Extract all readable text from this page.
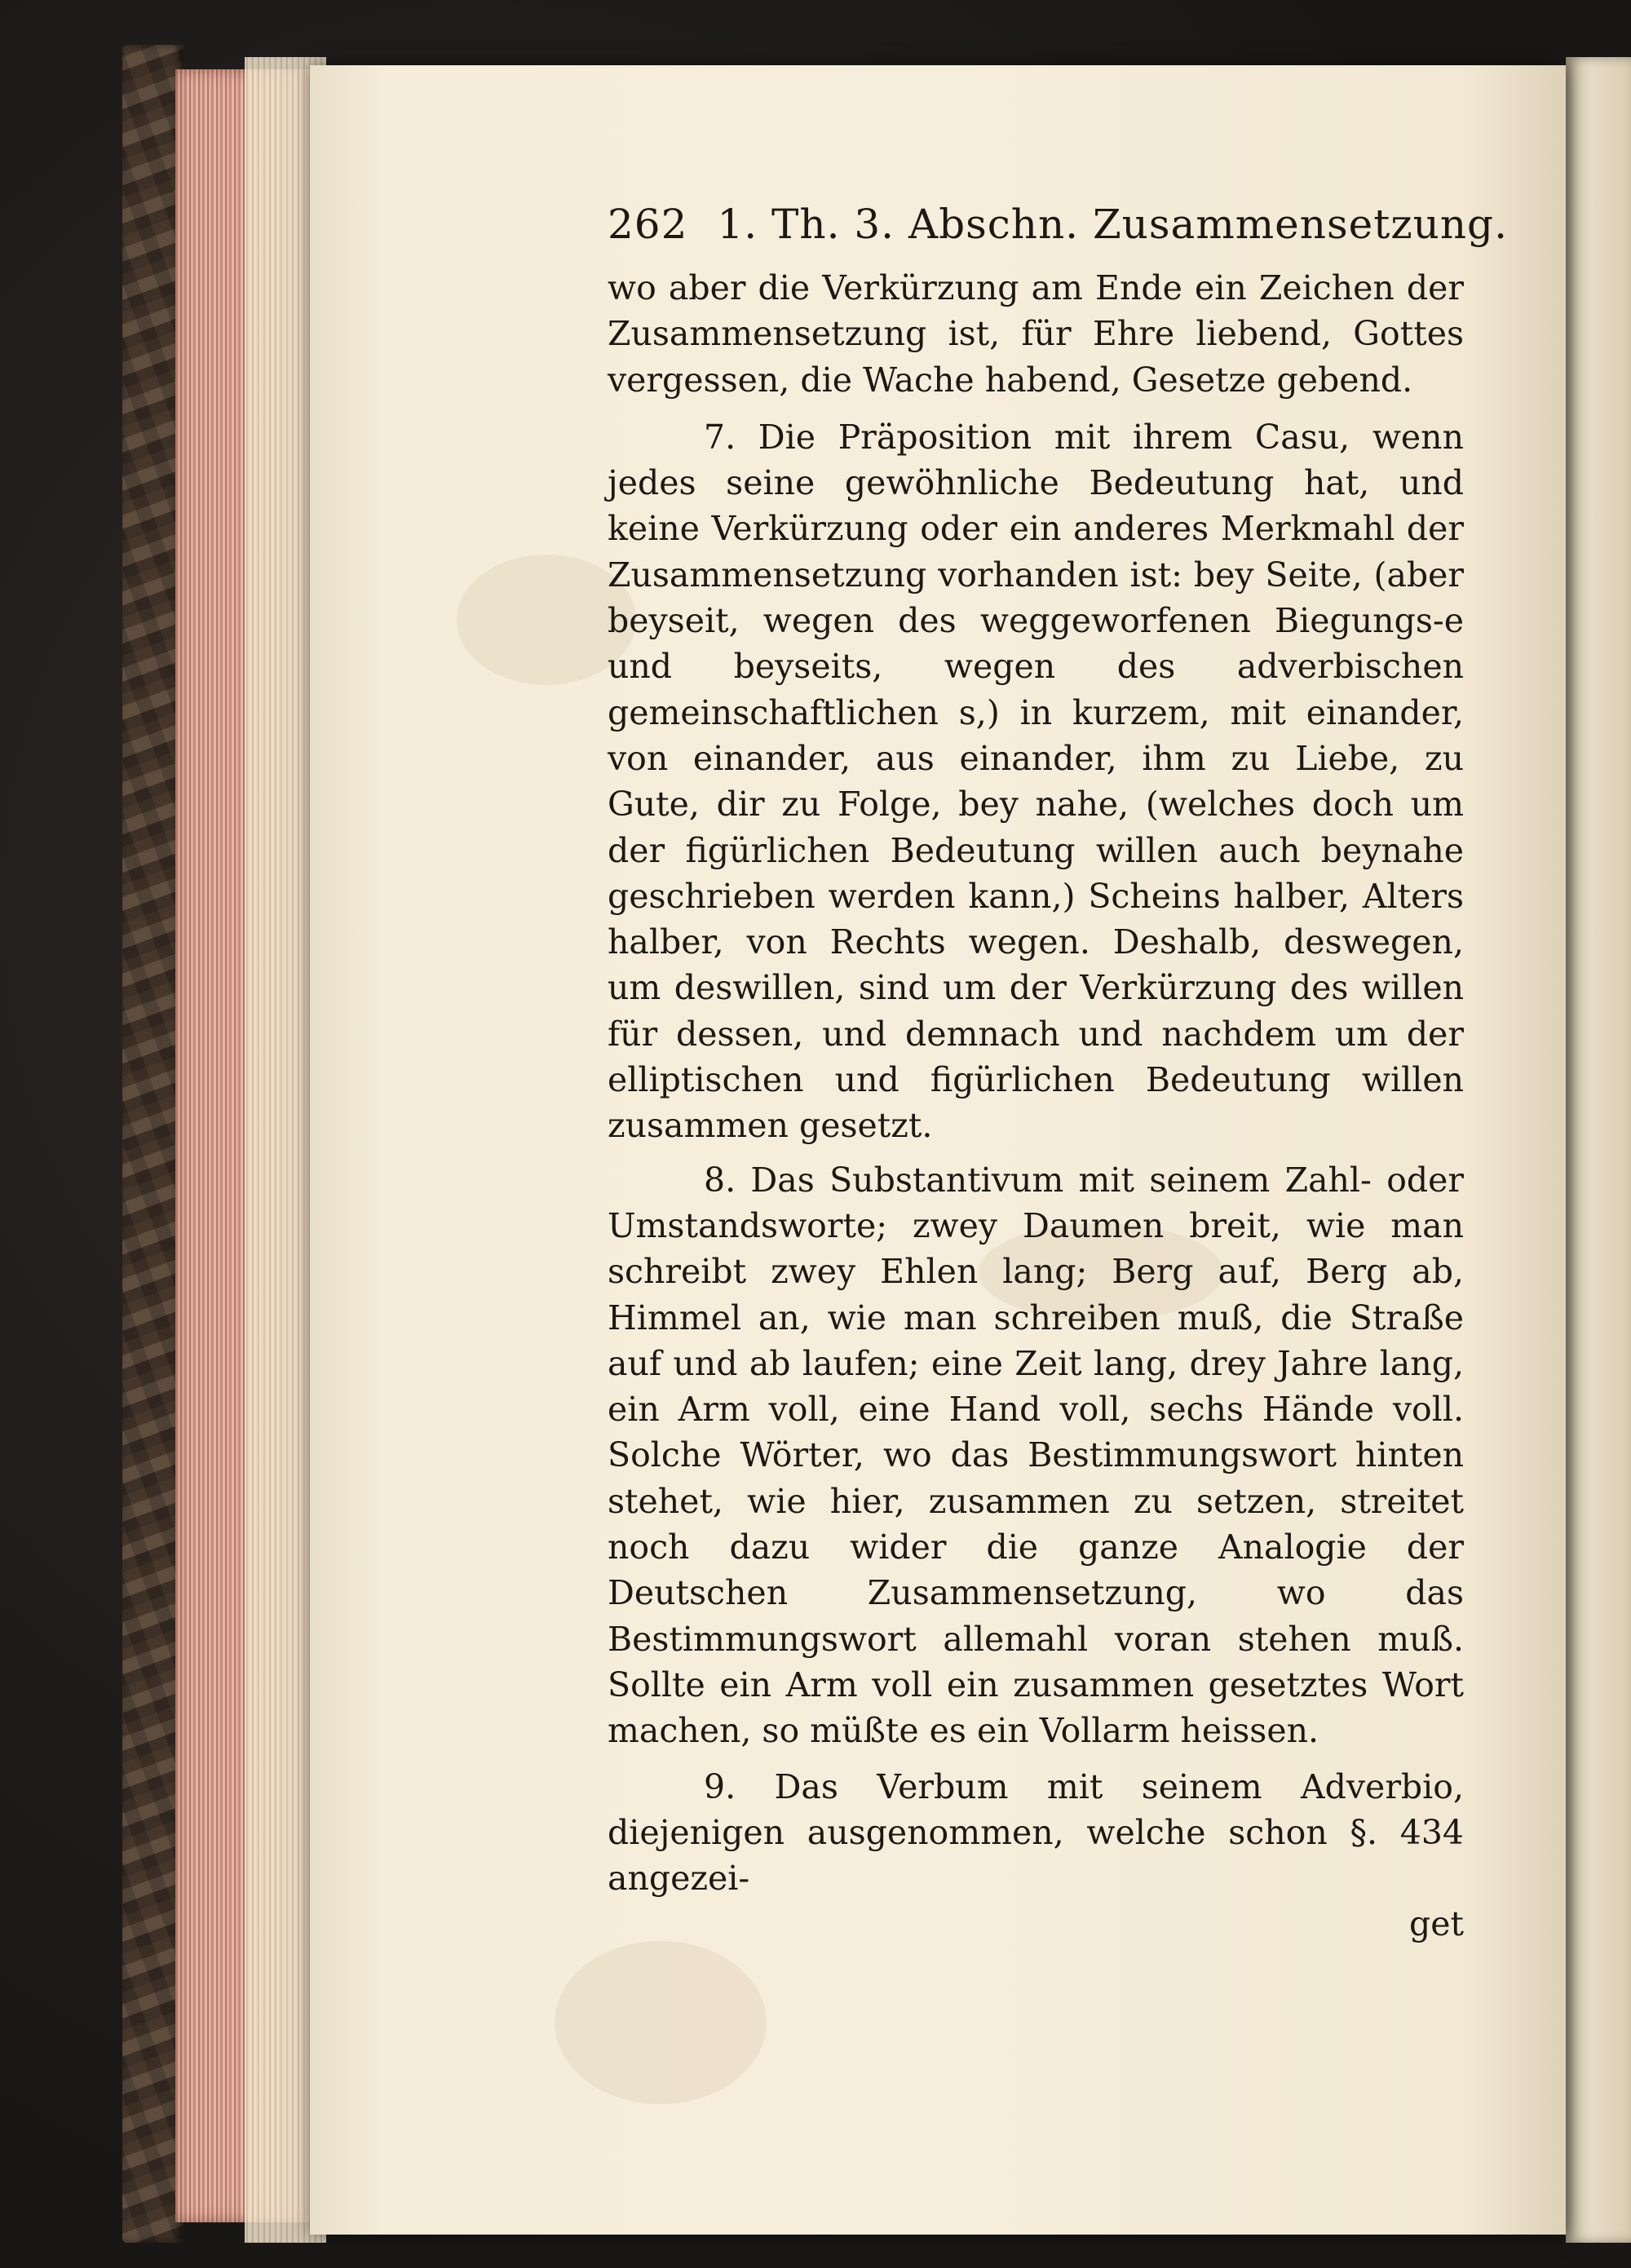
262 1. Th. 3. Abschn. Zusammensetzung.

wo aber die Verkürzung am Ende ein Zeichen der Zusammensetzung ist, für Ehre liebend, Gottes vergessen, die Wache habend, Gesetze gebend.

7. Die Präposition mit ihrem Casu, wenn jedes seine gewöhnliche Bedeutung hat, und keine Verkürzung oder ein anderes Merkmahl der Zusammensetzung vorhanden ist: bey Seite, (aber beyseit, wegen des weggeworfenen Biegungs-e und beyseits, wegen des adverbischen gemeinschaftlichen s,) in kurzem, mit einander, von einander, aus einander, ihm zu Liebe, zu Gute, dir zu Folge, bey nahe, (welches doch um der figürlichen Bedeutung willen auch beynahe geschrieben werden kann,) Scheins halber, Alters halber, von Rechts wegen. Deshalb, deswegen, um deswillen, sind um der Verkürzung des willen für dessen, und demnach und nachdem um der elliptischen und figürlichen Bedeutung willen zusammen gesetzt.

8. Das Substantivum mit seinem Zahl- oder Umstandsworte; zwey Daumen breit, wie man schreibt zwey Ehlen lang; Berg auf, Berg ab, Himmel an, wie man schreiben muß, die Straße auf und ab laufen; eine Zeit lang, drey Jahre lang, ein Arm voll, eine Hand voll, sechs Hände voll. Solche Wörter, wo das Bestimmungswort hinten stehet, wie hier, zusammen zu setzen, streitet noch dazu wider die ganze Analogie der Deutschen Zusammensetzung, wo das Bestimmungswort allemahl voran stehen muß. Sollte ein Arm voll ein zusammen gesetztes Wort machen, so müßte es ein Vollarm heissen.

9. Das Verbum mit seinem Adverbio, diejenigen ausgenommen, welche schon §. 434 angezei-

get
